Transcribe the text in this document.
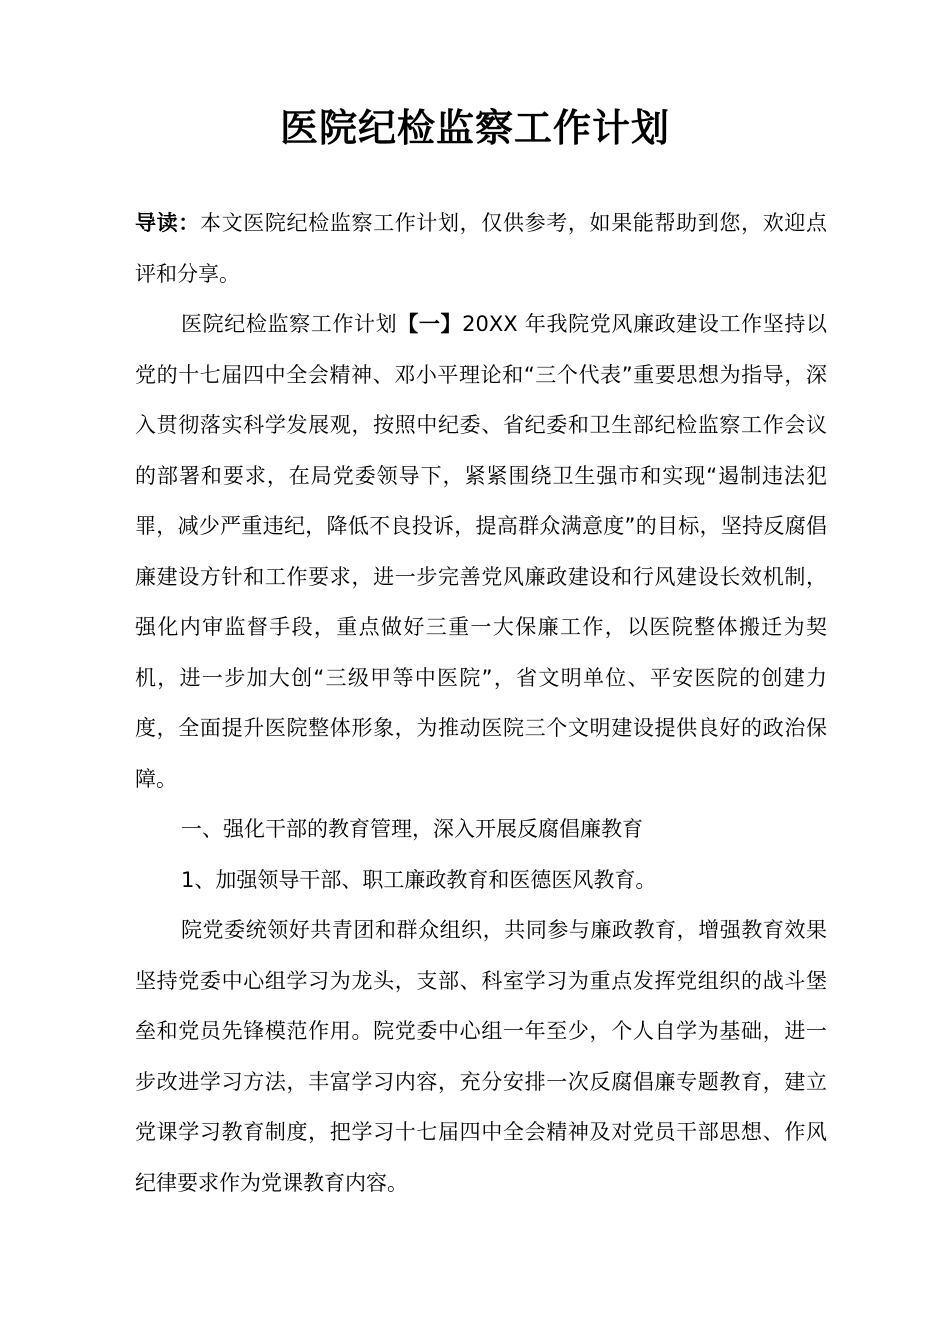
医院纪检监察工作计划

导读：本文医院纪检监察工作计划，仅供参考，如果能帮助到您，欢迎点评和分享。

医院纪检监察工作计划【一】20XX 年我院党风廉政建设工作坚持以党的十七届四中全会精神、邓小平理论和“三个代表”重要思想为指导，深入贯彻落实科学发展观，按照中纪委、省纪委和卫生部纪检监察工作会议的部署和要求，在局党委领导下，紧紧围绕卫生强市和实现“遏制违法犯罪，减少严重违纪，降低不良投诉，提高群众满意度”的目标，坚持反腐倡廉建设方针和工作要求，进一步完善党风廉政建设和行风建设长效机制，强化内审监督手段，重点做好三重一大保廉工作，以医院整体搬迁为契机，进一步加大创“三级甲等中医院”，省文明单位、平安医院的创建力度，全面提升医院整体形象，为推动医院三个文明建设提供良好的政治保障。

一、强化干部的教育管理，深入开展反腐倡廉教育

1、加强领导干部、职工廉政教育和医德医风教育。

院党委统领好共青团和群众组织，共同参与廉政教育，增强教育效果坚持党委中心组学习为龙头，支部、科室学习为重点发挥党组织的战斗堡垒和党员先锋模范作用。院党委中心组一年至少，个人自学为基础，进一步改进学习方法，丰富学习内容，充分安排一次反腐倡廉专题教育，建立党课学习教育制度，把学习十七届四中全会精神及对党员干部思想、作风纪律要求作为党课教育内容。
